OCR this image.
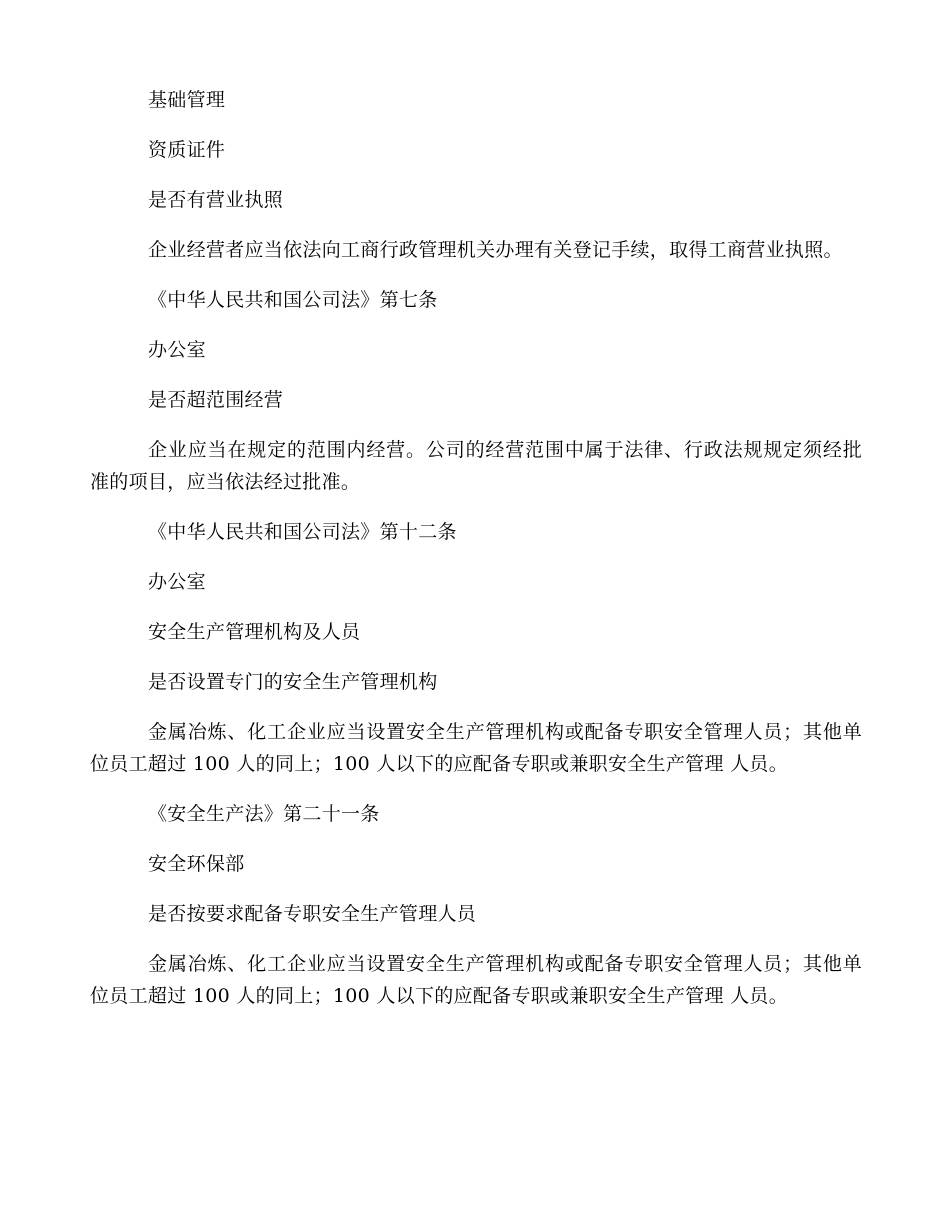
基础管理

资质证件

是否有营业执照

企业经营者应当依法向工商行政管理机关办理有关登记手续，取得工商营业执照。

《中华人民共和国公司法》第七条

办公室

是否超范围经营

企业应当在规定的范围内经营。公司的经营范围中属于法律、行政法规规定须经批准的项目，应当依法经过批准。

《中华人民共和国公司法》第十二条

办公室

安全生产管理机构及人员

是否设置专门的安全生产管理机构

金属冶炼、化工企业应当设置安全生产管理机构或配备专职安全管理人员；其他单位员工超过 100 人的同上；100 人以下的应配备专职或兼职安全生产管理 人员。

《安全生产法》第二十一条

安全环保部

是否按要求配备专职安全生产管理人员

金属冶炼、化工企业应当设置安全生产管理机构或配备专职安全管理人员；其他单位员工超过 100 人的同上；100 人以下的应配备专职或兼职安全生产管理 人员。
